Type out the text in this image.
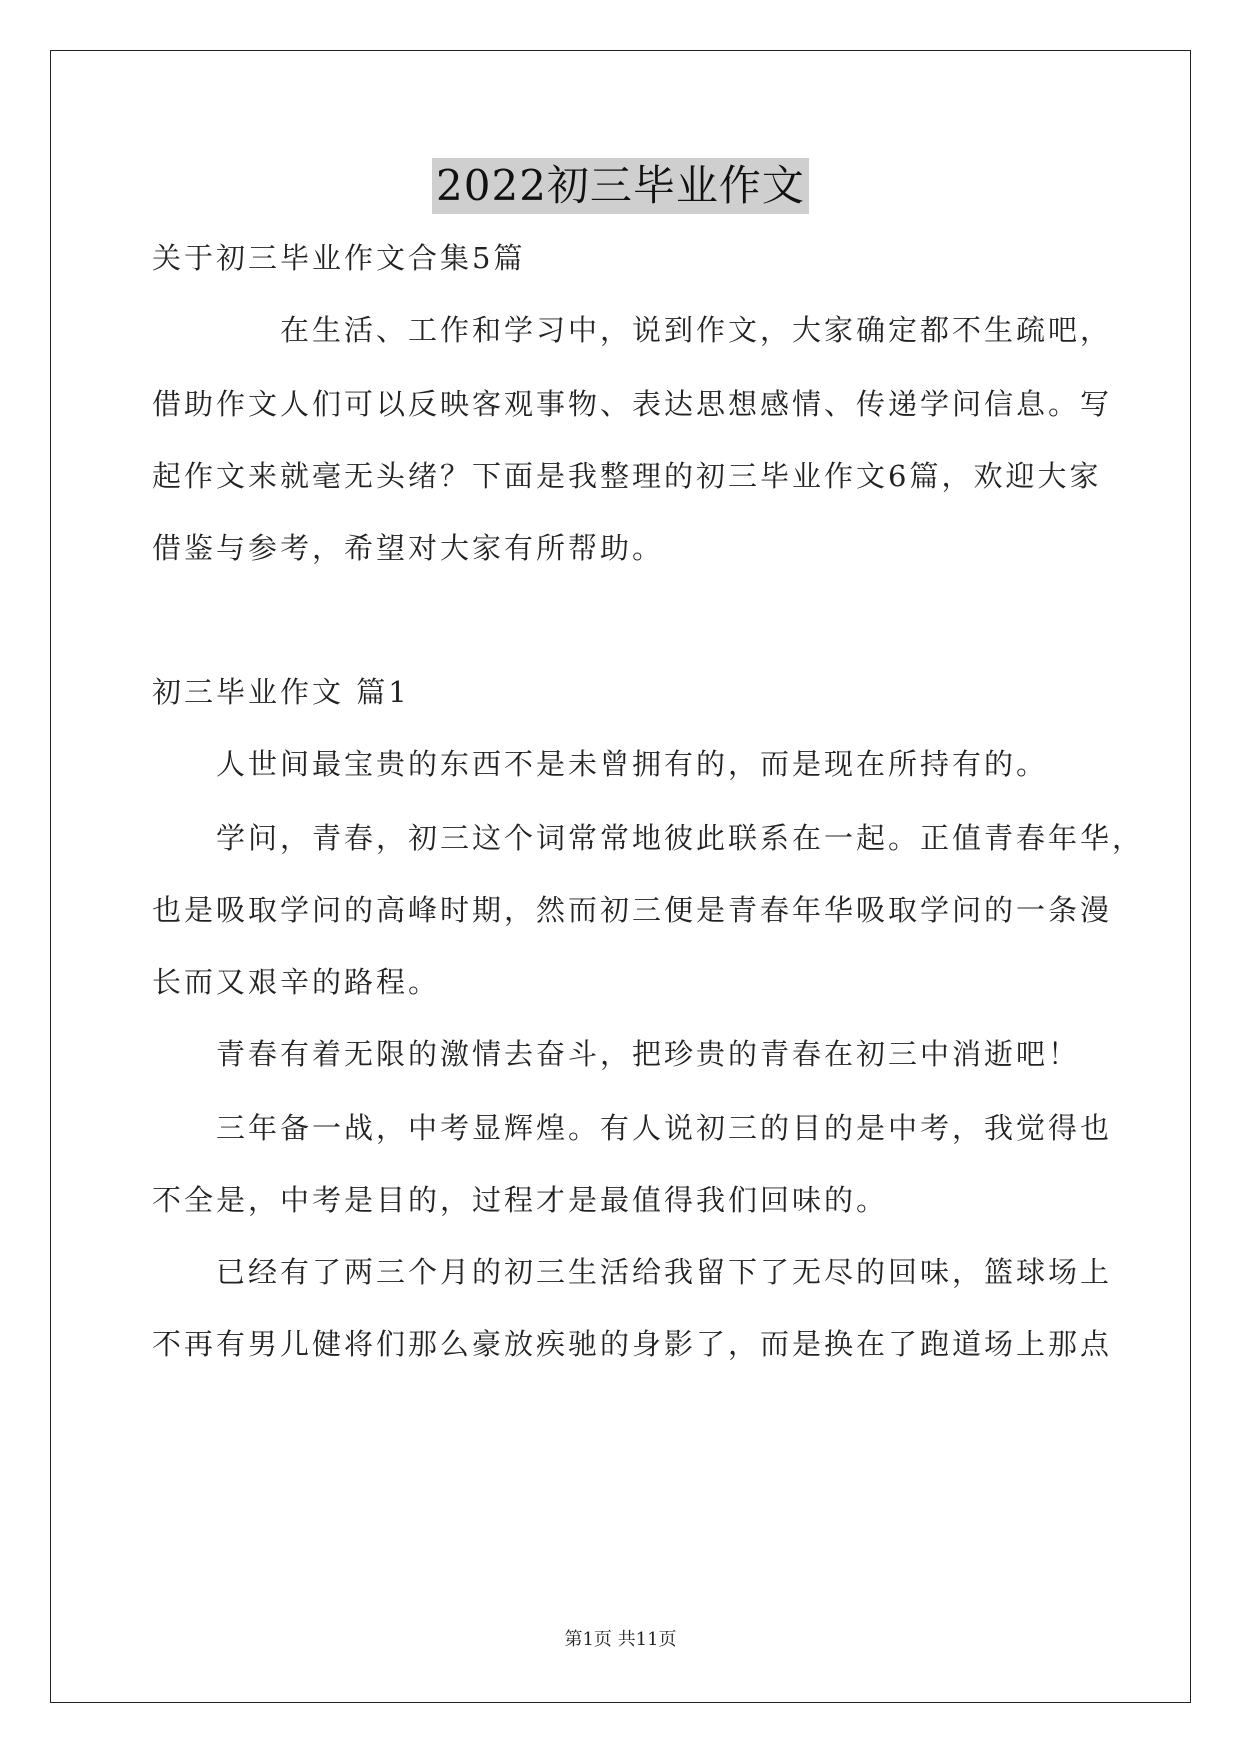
2022初三毕业作文
关于初三毕业作文合集5篇
　　　　在生活、工作和学习中，说到作文，大家确定都不生疏吧，
借助作文人们可以反映客观事物、表达思想感情、传递学问信息。写
起作文来就毫无头绪？下面是我整理的初三毕业作文6篇，欢迎大家
借鉴与参考，希望对大家有所帮助。
初三毕业作文 篇1
　　人世间最宝贵的东西不是未曾拥有的，而是现在所持有的。
　　学问，青春，初三这个词常常地彼此联系在一起。正值青春年华，
也是吸取学问的高峰时期，然而初三便是青春年华吸取学问的一条漫
长而又艰辛的路程。
　　青春有着无限的激情去奋斗，把珍贵的青春在初三中消逝吧！
　　三年备一战，中考显辉煌。有人说初三的目的是中考，我觉得也
不全是，中考是目的，过程才是最值得我们回味的。
　　已经有了两三个月的初三生活给我留下了无尽的回味，篮球场上
不再有男儿健将们那么豪放疾驰的身影了，而是换在了跑道场上那点
第1页 共11页
